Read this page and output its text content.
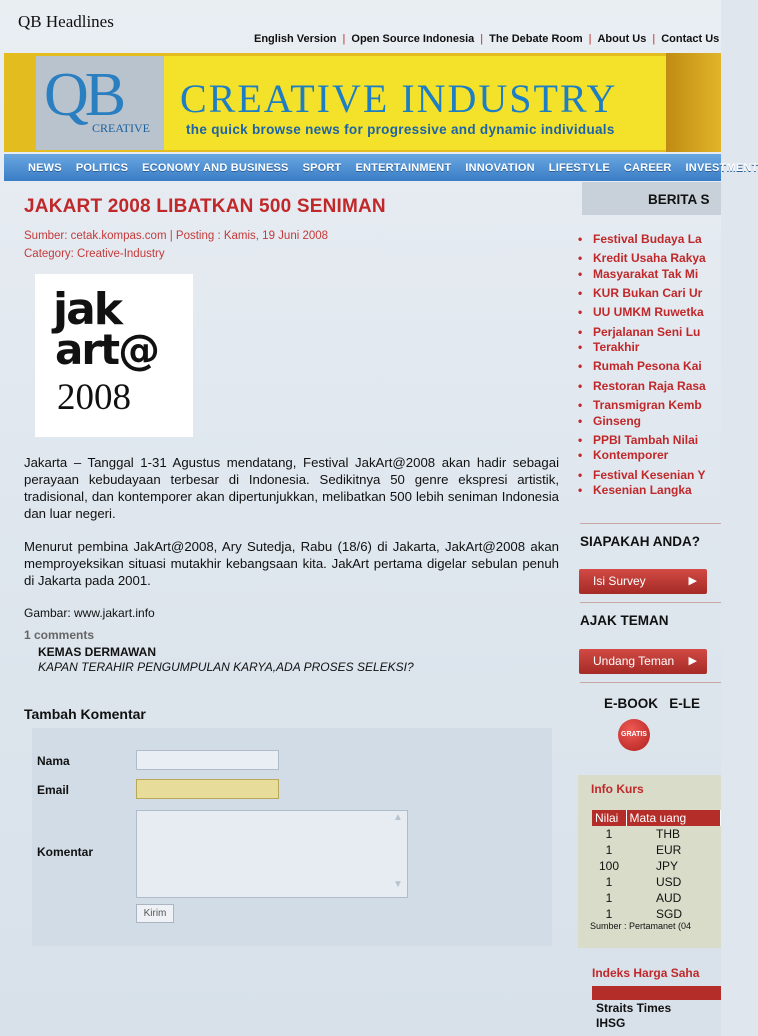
QB Headlines
English Version | Open Source Indonesia | The Debate Room | About Us | Contact Us
QB
CREATIVE
CREATIVE INDUSTRY
the quick browse news for progressive and dynamic individuals
NEWS POLITICS ECONOMY AND BUSINESS SPORT ENTERTAINMENT INNOVATION LIFESTYLE CAREER INVESTMENT
JAKART 2008 LIBATKAN 500 SENIMAN
Sumber: cetak.kompas.com | Posting : Kamis, 19 Juni 2008
Category: Creative-Industry
jak
art@
2008

Jakarta – Tanggal 1-31 Agustus mendatang, Festival JakArt@2008 akan hadir sebagai perayaan kebudayaan terbesar di Indonesia. Sedikitnya 50 genre ekspresi artistik, tradisional, dan kontemporer akan dipertunjukkan, melibatkan 500 lebih seniman Indonesia dan luar negeri.

Menurut pembina JakArt@2008, Ary Sutedja, Rabu (18/6) di Jakarta, JakArt@2008 akan memproyeksikan situasi mutakhir kebangsaan kita. JakArt pertama digelar sebulan penuh di Jakarta pada 2001.

Gambar: www.jakart.info
1 comments
KEMAS DERMAWAN
KAPAN TERAHIR PENGUMPULAN KARYA,ADA PROSES SELEKSI?
Tambah Komentar
Nama
Email
Komentar
▲
▼
Kirim
BERITA S
• Festival Budaya La
• Kredit Usaha Rakya
• Masyarakat Tak Mi
• KUR Bukan Cari Ur
• UU UMKM Ruwetka
• Perjalanan Seni Lu
• Terakhir
• Rumah Pesona Kai
• Restoran Raja Rasa
• Transmigran Kemb
• Ginseng
• PPBI Tambah Nilai
• Kontemporer
• Festival Kesenian Y
• Kesenian Langka
SIAPAKAH ANDA?
Isi Survey	▶
AJAK TEMAN
Undang Teman ▶
E-BOOK   E-LE
GRATIS
Info Kurs
Nilai	Mata uang
1	THB
1	EUR
100	JPY
1	USD
1	AUD
1	SGD
Sumber : Pertamanet (04
Indeks Harga Saha
Straits Times
IHSG
